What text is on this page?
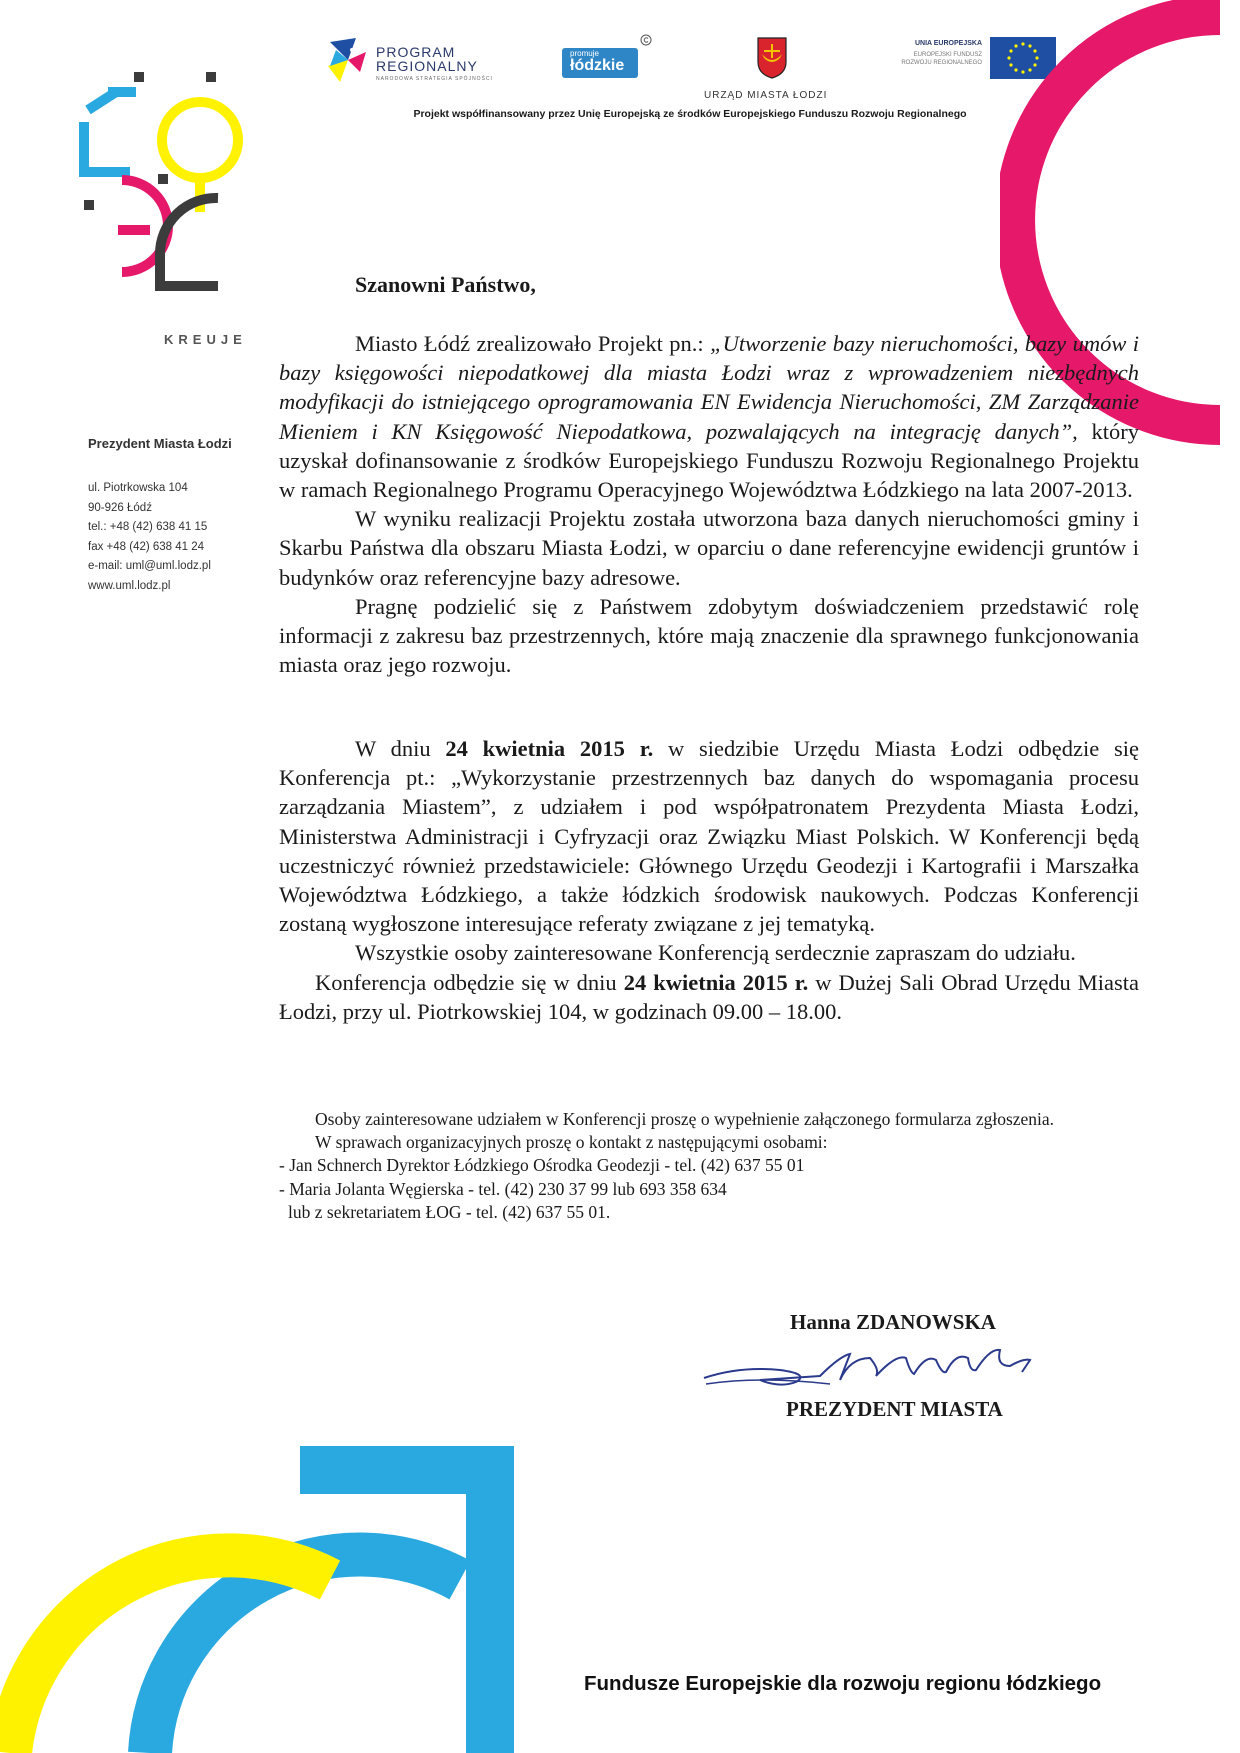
PROGRAM
REGIONALNY
NARODOWA STRATEGIA SPÓJNOŚCI
promuje
łódzkie
URZĄD MIASTA ŁODZI
UNIA EUROPEJSKA
EUROPEJSKI FUNDUSZ
ROZWOJU REGIONALNEGO
Projekt współfinansowany przez Unię Europejską ze środków Europejskiego Funduszu Rozwoju Regionalnego
KREUJE
Prezydent Miasta Łodzi
ul. Piotrkowska 104
90-926 Łódź
tel.: +48 (42) 638 41 15
fax +48 (42) 638 41 24
e-mail: uml@uml.lodz.pl
www.uml.lodz.pl
Szanowni Państwo,

Miasto Łódź zrealizowało Projekt pn.: „Utworzenie bazy nieruchomości, bazy umów i bazy księgowości niepodatkowej dla miasta Łodzi wraz z wprowadzeniem niezbędnych modyfikacji do istniejącego oprogramowania EN Ewidencja Nieruchomości, ZM Zarządzanie Mieniem i KN Księgowość Niepodatkowa, pozwalających na integrację danych”, który uzyskał dofinansowanie z środków Europejskiego Funduszu Rozwoju Regionalnego Projektu w ramach Regionalnego Programu Operacyjnego Województwa Łódzkiego na lata 2007-2013.

W wyniku realizacji Projektu została utworzona baza danych nieruchomości gminy i Skarbu Państwa dla obszaru Miasta Łodzi, w oparciu o dane referencyjne ewidencji gruntów i budynków oraz referencyjne bazy adresowe.

Pragnę podzielić się z Państwem zdobytym doświadczeniem przedstawić rolę informacji z zakresu baz przestrzennych, które mają znaczenie dla sprawnego funkcjonowania miasta oraz jego rozwoju.

W dniu 24 kwietnia 2015 r. w siedzibie Urzędu Miasta Łodzi odbędzie się Konferencja pt.: „Wykorzystanie przestrzennych baz danych do wspomagania procesu zarządzania Miastem”, z udziałem i pod współpatronatem Prezydenta Miasta Łodzi, Ministerstwa Administracji i Cyfryzacji oraz Związku Miast Polskich. W Konferencji będą uczestniczyć również przedstawiciele: Głównego Urzędu Geodezji i Kartografii i Marszałka Województwa Łódzkiego, a także łódzkich środowisk naukowych. Podczas Konferencji zostaną wygłoszone interesujące referaty związane z jej tematyką.

Wszystkie osoby zainteresowane Konferencją serdecznie zapraszam do udziału.

Konferencja odbędzie się w dniu 24 kwietnia 2015 r. w Dużej Sali Obrad Urzędu Miasta Łodzi, przy ul. Piotrkowskiej 104, w godzinach 09.00 – 18.00.

Osoby zainteresowane udziałem w Konferencji proszę o wypełnienie załączonego formularza zgłoszenia.

W sprawach organizacyjnych proszę o kontakt z następującymi osobami:

- Jan Schnerch Dyrektor Łódzkiego Ośrodka Geodezji - tel. (42) 637 55 01
- Maria Jolanta Węgierska - tel. (42) 230 37 99 lub 693 358 634
lub z sekretariatem ŁOG - tel. (42) 637 55 01.
Hanna ZDANOWSKA
PREZYDENT MIASTA
Fundusze Europejskie dla rozwoju regionu łódzkiego
